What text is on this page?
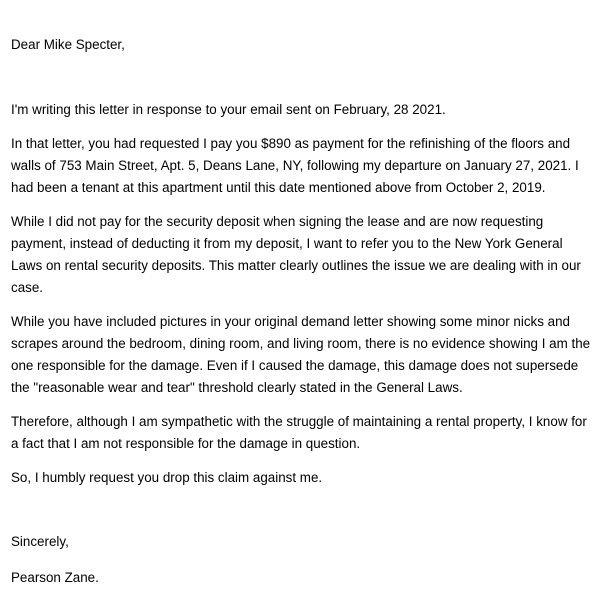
Dear Mike Specter,

I'm writing this letter in response to your email sent on February, 28 2021.

In that letter, you had requested I pay you $890 as payment for the refinishing of the floors and walls of 753 Main Street, Apt. 5, Deans Lane, NY, following my departure on January 27, 2021. I had been a tenant at this apartment until this date mentioned above from October 2, 2019.

While I did not pay for the security deposit when signing the lease and are now requesting payment, instead of deducting it from my deposit, I want to refer you to the New York General Laws on rental security deposits. This matter clearly outlines the issue we are dealing with in our case.

While you have included pictures in your original demand letter showing some minor nicks and scrapes around the bedroom, dining room, and living room, there is no evidence showing I am the one responsible for the damage. Even if I caused the damage, this damage does not supersede the "reasonable wear and tear" threshold clearly stated in the General Laws.

Therefore, although I am sympathetic with the struggle of maintaining a rental property, I know for a fact that I am not responsible for the damage in question.

So, I humbly request you drop this claim against me.

Sincerely,

Pearson Zane.
